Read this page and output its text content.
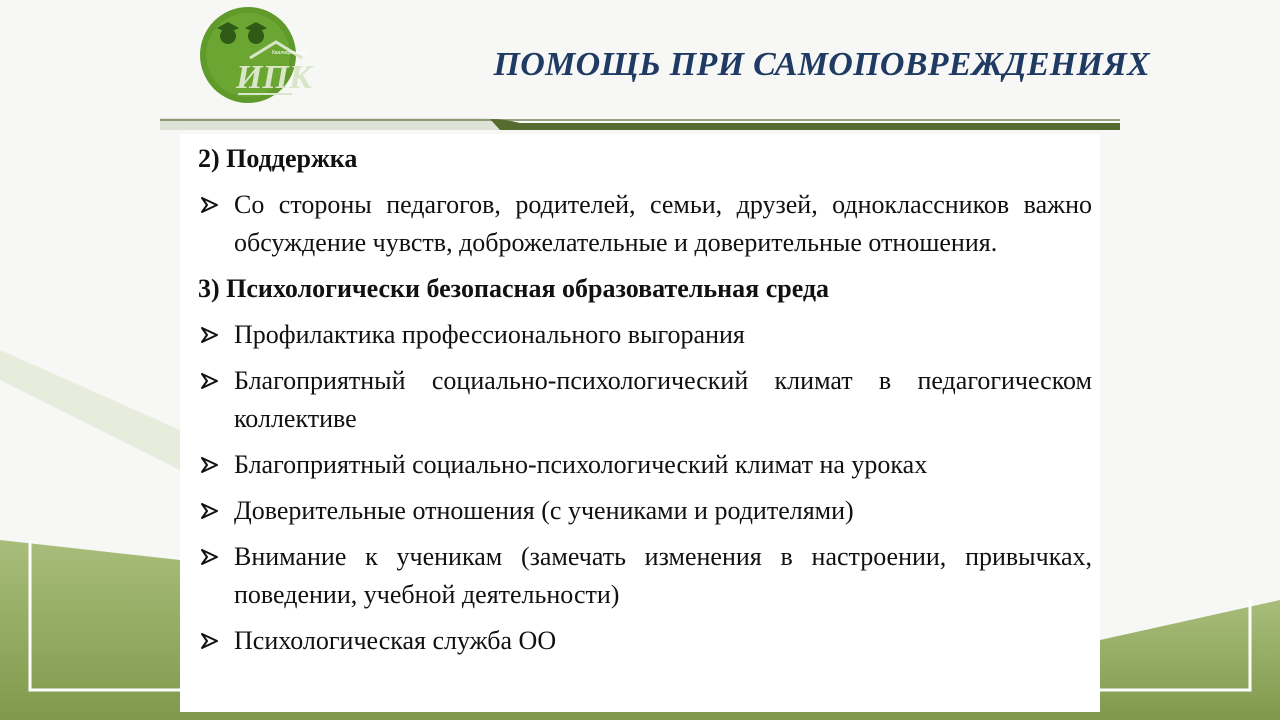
ИПК
Квалификация	ПОМОЩЬ ПРИ САМОПОВРЕЖДЕНИЯХ
2) Поддержка
Со стороны педагогов, родителей, семьи, друзей, одноклассников важно обсуждение чувств, доброжелательные и доверительные отношения.
3) Психологически безопасная образовательная среда
Профилактика профессионального выгорания
Благоприятный социально-психологический климат в педагогическом коллективе
Благоприятный социально-психологический климат на уроках
Доверительные отношения (с учениками и родителями)
Внимание к ученикам (замечать изменения в настроении, привычках, поведении, учебной деятельности)
Психологическая служба ОО
